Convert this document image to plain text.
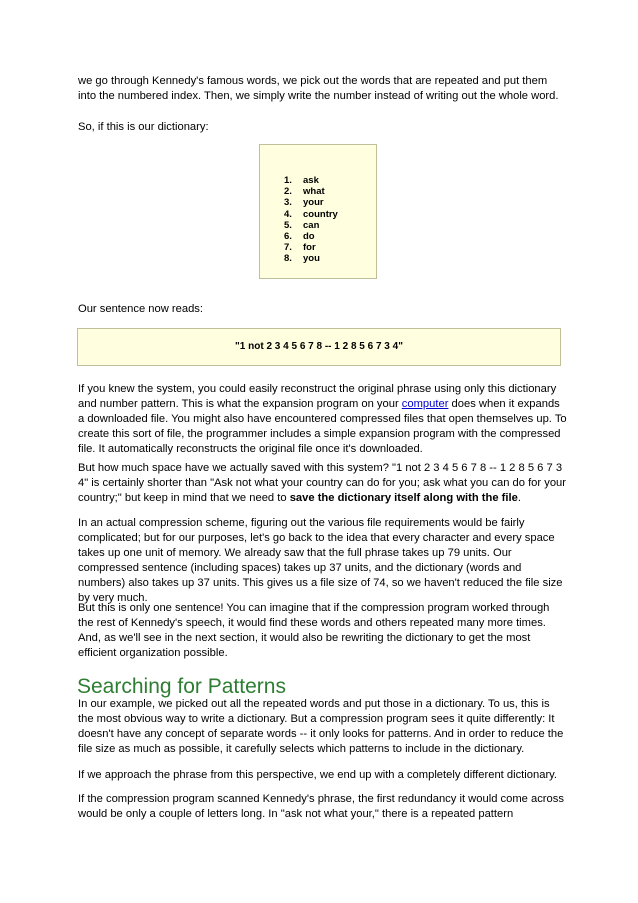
we go through Kennedy's famous words, we pick out the words that are repeated and put them

into the numbered index. Then, we simply write the number instead of writing out the whole word.

So, if this is our dictionary:

1. ask
2. what
3. your
4. country
5. can
6. do
7. for
8. you

Our sentence now reads:

"1 not 2 3 4 5 6 7 8 -- 1 2 8 5 6 7 3 4"

If you knew the system, you could easily reconstruct the original phrase using only this dictionary and number pattern. This is what the expansion program on your computer does when it expands a downloaded file. You might also have encountered compressed files that open themselves up. To create this sort of file, the programmer includes a simple expansion program with the compressed file. It automatically reconstructs the original file once it's downloaded.

But how much space have we actually saved with this system? "1 not 2 3 4 5 6 7 8 -- 1 2 8 5 6 7 3 4" is certainly shorter than "Ask not what your country can do for you; ask what you can do for your country;" but keep in mind that we need to save the dictionary itself along with the file.

In an actual compression scheme, figuring out the various file requirements would be fairly complicated; but for our purposes, let's go back to the idea that every character and every space takes up one unit of memory. We already saw that the full phrase takes up 79 units. Our compressed sentence (including spaces) takes up 37 units, and the dictionary (words and numbers) also takes up 37 units. This gives us a file size of 74, so we haven't reduced the file size by very much.

But this is only one sentence! You can imagine that if the compression program worked through the rest of Kennedy's speech, it would find these words and others repeated many more times. And, as we'll see in the next section, it would also be rewriting the dictionary to get the most efficient organization possible.

Searching for Patterns

In our example, we picked out all the repeated words and put those in a dictionary. To us, this is the most obvious way to write a dictionary. But a compression program sees it quite differently: It doesn't have any concept of separate words -- it only looks for patterns. And in order to reduce the file size as much as possible, it carefully selects which patterns to include in the dictionary.

If we approach the phrase from this perspective, we end up with a completely different dictionary.

If the compression program scanned Kennedy's phrase, the first redundancy it would come across would be only a couple of letters long. In "ask not what your," there is a repeated pattern
